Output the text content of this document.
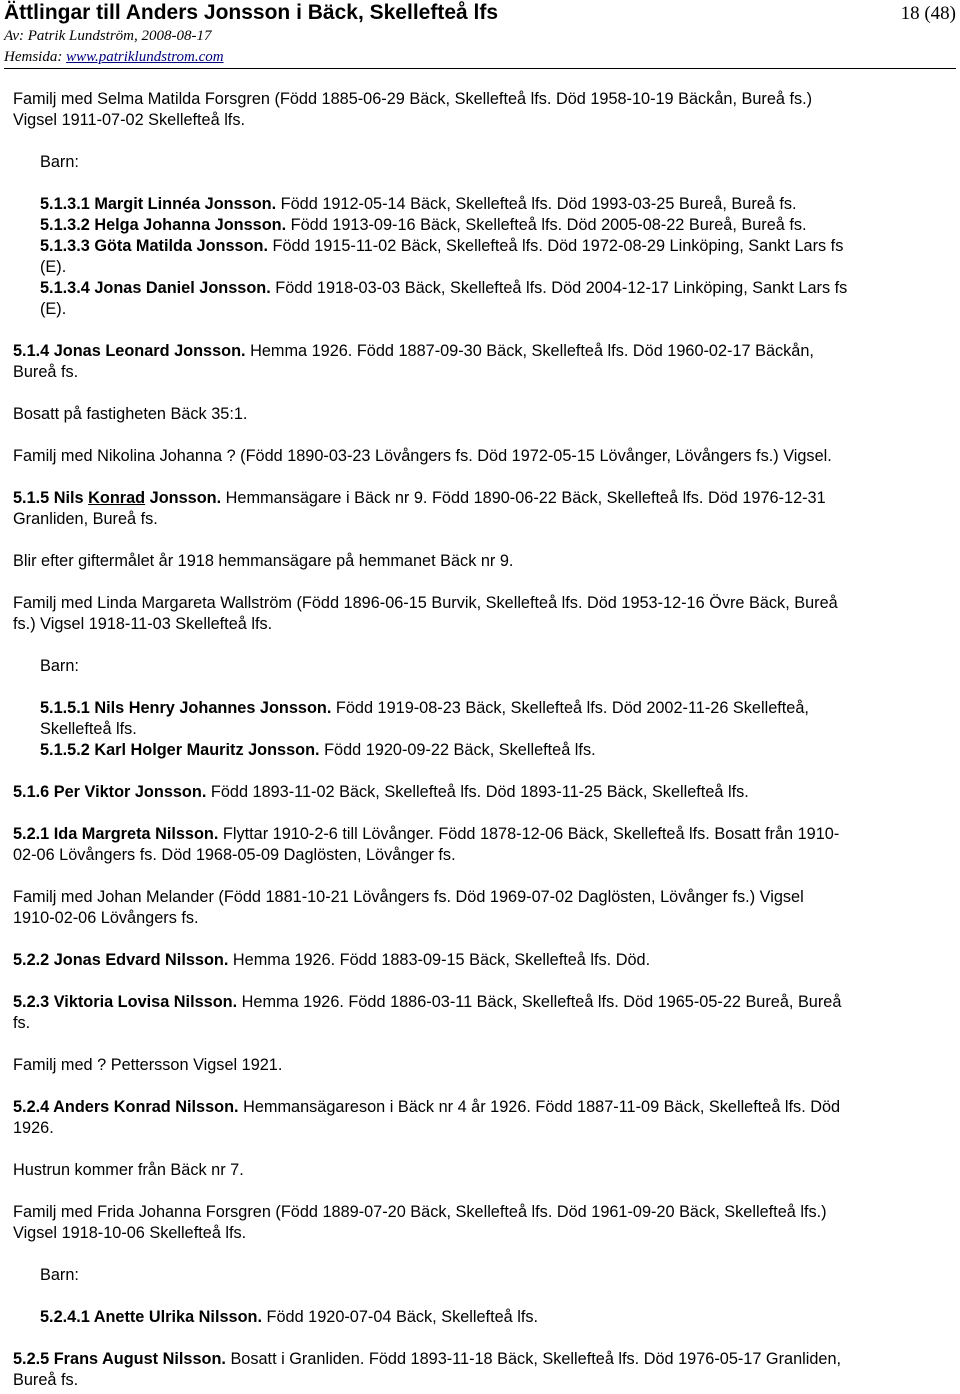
Ättlingar till Anders Jonsson i Bäck, Skellefteå lfs	18 (48)
Av: Patrik Lundström, 2008-08-17
Hemsida: www.patriklundstrom.com
Familj med Selma Matilda Forsgren (Född 1885-06-29 Bäck, Skellefteå lfs. Död 1958-10-19 Bäckån, Bureå fs.)
Vigsel 1911-07-02 Skellefteå lfs.
Barn:
5.1.3.1 Margit Linnéa Jonsson. Född 1912-05-14 Bäck, Skellefteå lfs. Död 1993-03-25 Bureå, Bureå fs.
5.1.3.2 Helga Johanna Jonsson. Född 1913-09-16 Bäck, Skellefteå lfs. Död 2005-08-22 Bureå, Bureå fs.
5.1.3.3 Göta Matilda Jonsson. Född 1915-11-02 Bäck, Skellefteå lfs. Död 1972-08-29 Linköping, Sankt Lars fs
(E).
5.1.3.4 Jonas Daniel Jonsson. Född 1918-03-03 Bäck, Skellefteå lfs. Död 2004-12-17 Linköping, Sankt Lars fs
(E).
5.1.4 Jonas Leonard Jonsson. Hemma 1926. Född 1887-09-30 Bäck, Skellefteå lfs. Död 1960-02-17 Bäckån,
Bureå fs.
Bosatt på fastigheten Bäck 35:1.
Familj med Nikolina Johanna ? (Född 1890-03-23 Lövångers fs. Död 1972-05-15 Lövånger, Lövångers fs.) Vigsel.
5.1.5 Nils Konrad Jonsson. Hemmansägare i Bäck nr 9. Född 1890-06-22 Bäck, Skellefteå lfs. Död 1976-12-31
Granliden, Bureå fs.
Blir efter giftermålet år 1918 hemmansägare på hemmanet Bäck nr 9.
Familj med Linda Margareta Wallström (Född 1896-06-15 Burvik, Skellefteå lfs. Död 1953-12-16 Övre Bäck, Bureå
fs.) Vigsel 1918-11-03 Skellefteå lfs.
Barn:
5.1.5.1 Nils Henry Johannes Jonsson. Född 1919-08-23 Bäck, Skellefteå lfs. Död 2002-11-26 Skellefteå,
Skellefteå lfs.
5.1.5.2 Karl Holger Mauritz Jonsson. Född 1920-09-22 Bäck, Skellefteå lfs.
5.1.6 Per Viktor Jonsson. Född 1893-11-02 Bäck, Skellefteå lfs. Död 1893-11-25 Bäck, Skellefteå lfs.
5.2.1 Ida Margreta Nilsson. Flyttar 1910-2-6 till Lövånger. Född 1878-12-06 Bäck, Skellefteå lfs. Bosatt från 1910-
02-06 Lövångers fs. Död 1968-05-09 Daglösten, Lövånger fs.
Familj med Johan Melander (Född 1881-10-21 Lövångers fs. Död 1969-07-02 Daglösten, Lövånger fs.) Vigsel
1910-02-06 Lövångers fs.
5.2.2 Jonas Edvard Nilsson. Hemma 1926. Född 1883-09-15 Bäck, Skellefteå lfs. Död.
5.2.3 Viktoria Lovisa Nilsson. Hemma 1926. Född 1886-03-11 Bäck, Skellefteå lfs. Död 1965-05-22 Bureå, Bureå
fs.
Familj med ? Pettersson Vigsel 1921.
5.2.4 Anders Konrad Nilsson. Hemmansägareson i Bäck nr 4 år 1926. Född 1887-11-09 Bäck, Skellefteå lfs. Död
1926.
Hustrun kommer från Bäck nr 7.
Familj med Frida Johanna Forsgren (Född 1889-07-20 Bäck, Skellefteå lfs. Död 1961-09-20 Bäck, Skellefteå lfs.)
Vigsel 1918-10-06 Skellefteå lfs.
Barn:
5.2.4.1 Anette Ulrika Nilsson. Född 1920-07-04 Bäck, Skellefteå lfs.
5.2.5 Frans August Nilsson. Bosatt i Granliden. Född 1893-11-18 Bäck, Skellefteå lfs. Död 1976-05-17 Granliden,
Bureå fs.
